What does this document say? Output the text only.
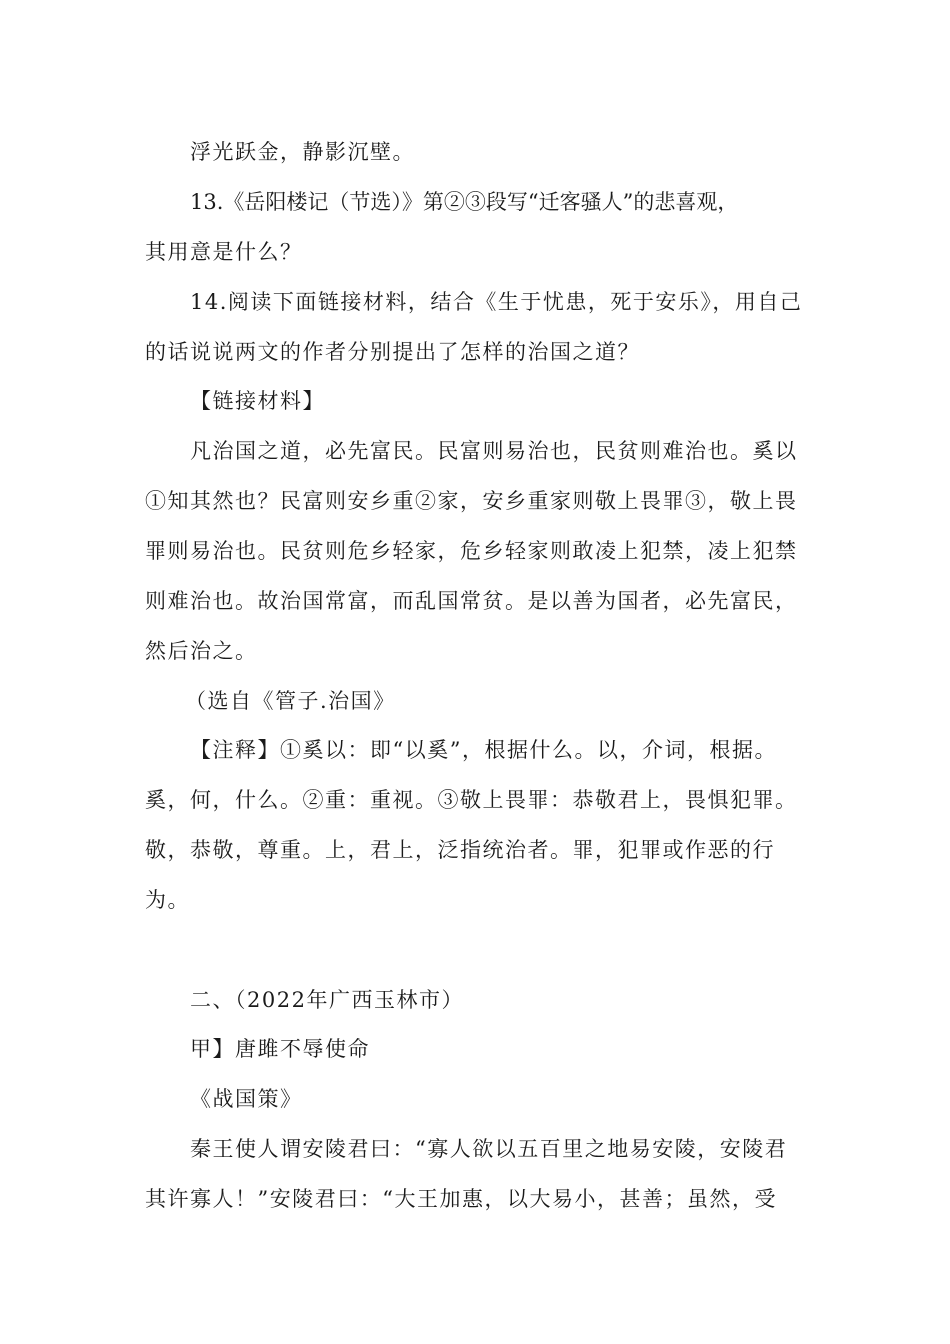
浮光跃金，静影沉壁。
13.《岳阳楼记（节选）》第②③段写“迁客骚人”的悲喜观，
其用意是什么？
14.阅读下面链接材料，结合《生于忧患，死于安乐》，用自己
的话说说两文的作者分别提出了怎样的治国之道？
【链接材料】
凡治国之道，必先富民。民富则易治也，民贫则难治也。奚以
①知其然也？民富则安乡重②家，安乡重家则敬上畏罪③，敬上畏
罪则易治也。民贫则危乡轻家，危乡轻家则敢凌上犯禁，凌上犯禁
则难治也。故治国常富，而乱国常贫。是以善为国者，必先富民，
然后治之。
（选自《管子.治国》
【注释】①奚以：即“以奚”，根据什么。以，介词，根据。
奚，何，什么。②重：重视。③敬上畏罪：恭敬君上，畏惧犯罪。
敬，恭敬，尊重。上，君上，泛指统治者。罪，犯罪或作恶的行
为。
二、（2022年广西玉林市）
甲】唐雎不辱使命
《战国策》
秦王使人谓安陵君曰：“寡人欲以五百里之地易安陵，安陵君
其许寡人！”安陵君曰：“大王加惠，以大易小，甚善；虽然，受
